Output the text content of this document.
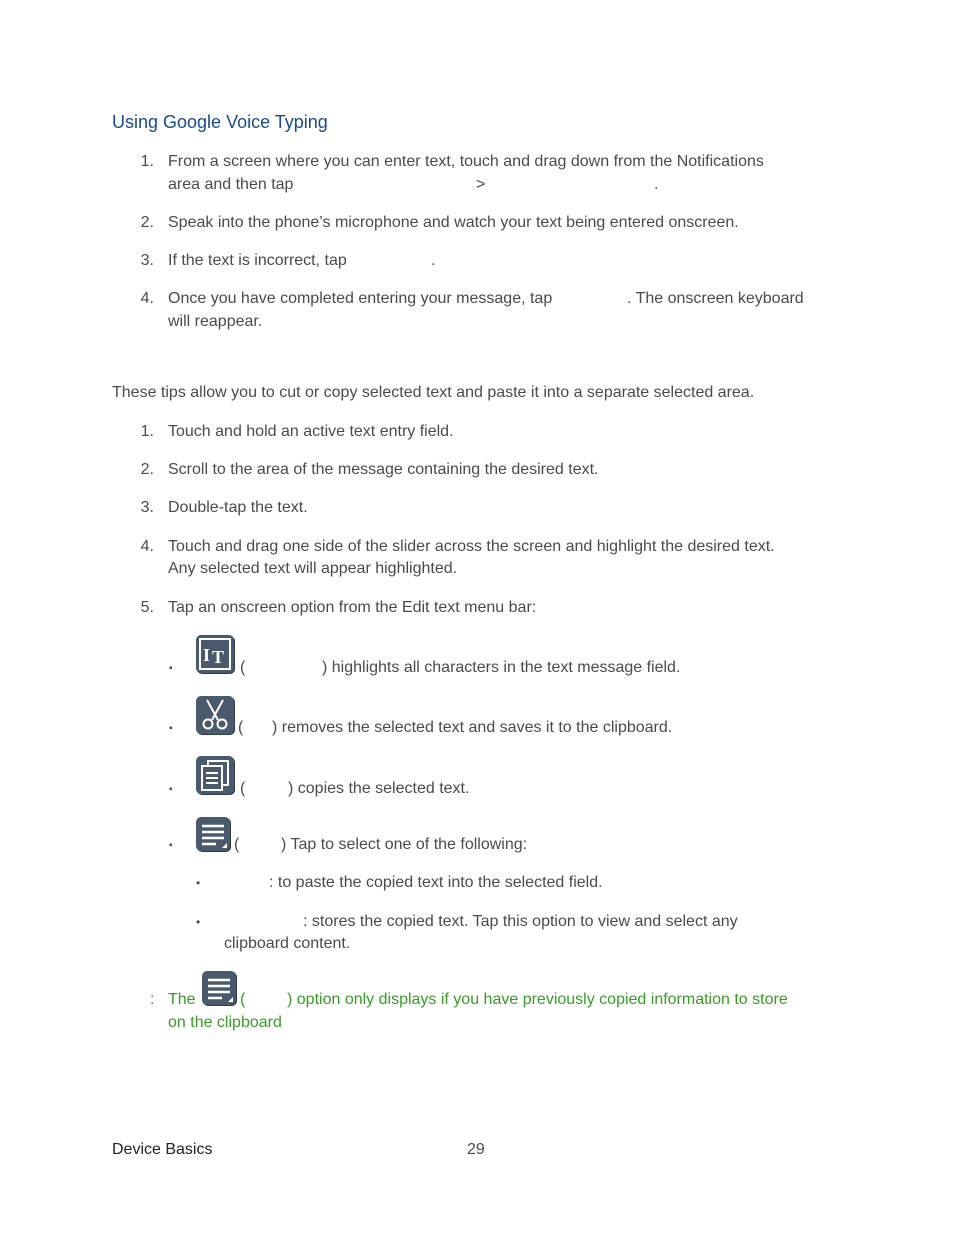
Using Google Voice Typing
1. From a screen where you can enter text, touch and drag down from the Notifications
area and then tap	>	.
2. Speak into the phone’s microphone and watch your text being entered onscreen.
3. If the text is incorrect, tap	.
4. Once you have completed entering your message, tap	. The onscreen keyboard
will reappear.
These tips allow you to cut or copy selected text and paste it into a separate selected area.
1. Touch and hold an active text entry field.
2. Scroll to the area of the message containing the desired text.
3. Double-tap the text.
4. Touch and drag one side of the slider across the screen and highlight the desired text.
Any selected text will appear highlighted.
5. Tap an onscreen option from the Edit text menu bar:
▪
I T
(	) highlights all characters in the text message field.
▪	( ) removes the selected text and saves it to the clipboard.
▪	(	) copies the selected text.
▪	(	) Tap to select one of the following:
•	: to paste the copied text into the selected field.
•	: stores the copied text. Tap this option to view and select any
clipboard content.
: The	(	) option only displays if you have previously copied information to store
on the clipboard
Device Basics	29
